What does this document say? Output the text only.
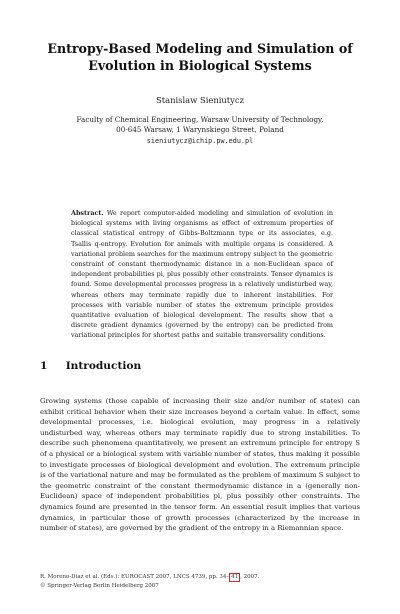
Entropy-Based Modeling and Simulation of Evolution in Biological Systems
Stanislaw Sieniutycz
Faculty of Chemical Engineering, Warsaw University of Technology,
00-645 Warsaw, 1 Warynskiego Street, Poland
sieniutycz@ichip.pw.edu.pl
Abstract. We report computer-aided modeling and simulation of evolution in biological systems with living organisms as effect of extremum properties of classical statistical entropy of Gibbs-Boltzmann type or its associates, e.g. Tsallis q-entropy. Evolution for animals with multiple organs is considered. A variational problem searches for the maximum entropy subject to the geometric constraint of constant thermodynamic distance in a non-Euclidean space of independent probabilities pi, plus possibly other constraints. Tensor dynamics is found. Some developmental processes progress in a relatively undisturbed way, whereas others may terminate rapidly due to inherent instabilities. For processes with variable number of states the extremum principle provides quantitative evaluation of biological development. The results show that a discrete gradient dynamics (governed by the entropy) can be predicted from variational principles for shortest paths and suitable transversality conditions.
1 Introduction
Growing systems (those capable of increasing their size and/or number of states) can exhibit critical behavior when their size increases beyond a certain value. In effect, some developmental processes, i.e. biological evolution, may progress in a relatively undisturbed way, whereas others may terminate rapidly due to strong instabilities. To describe such phenomena quantitatively, we present an extremum principle for entropy S of a physical or a biological system with variable number of states, thus making it possible to investigate processes of biological development and evolution. The extremum principle is of the variational nature and may be formulated as the problem of maximum S subject to the geometric constraint of the constant thermodynamic distance in a (generally non-Euclidean) space of independent probabilities pi, plus possibly other constraints. The dynamics found are presented in the tensor form. An essential result implies that various dynamics, in particular those of growth processes (characterized by the increase in number of states), are governed by the gradient of the entropy in a Riemannian space.
R. Moreno-Diaz et al. (Eds.): EUROCAST 2007, LNCS 4739, pp. 34– 41 , 2007.
© Springer-Verlag Berlin Heidelberg 2007
